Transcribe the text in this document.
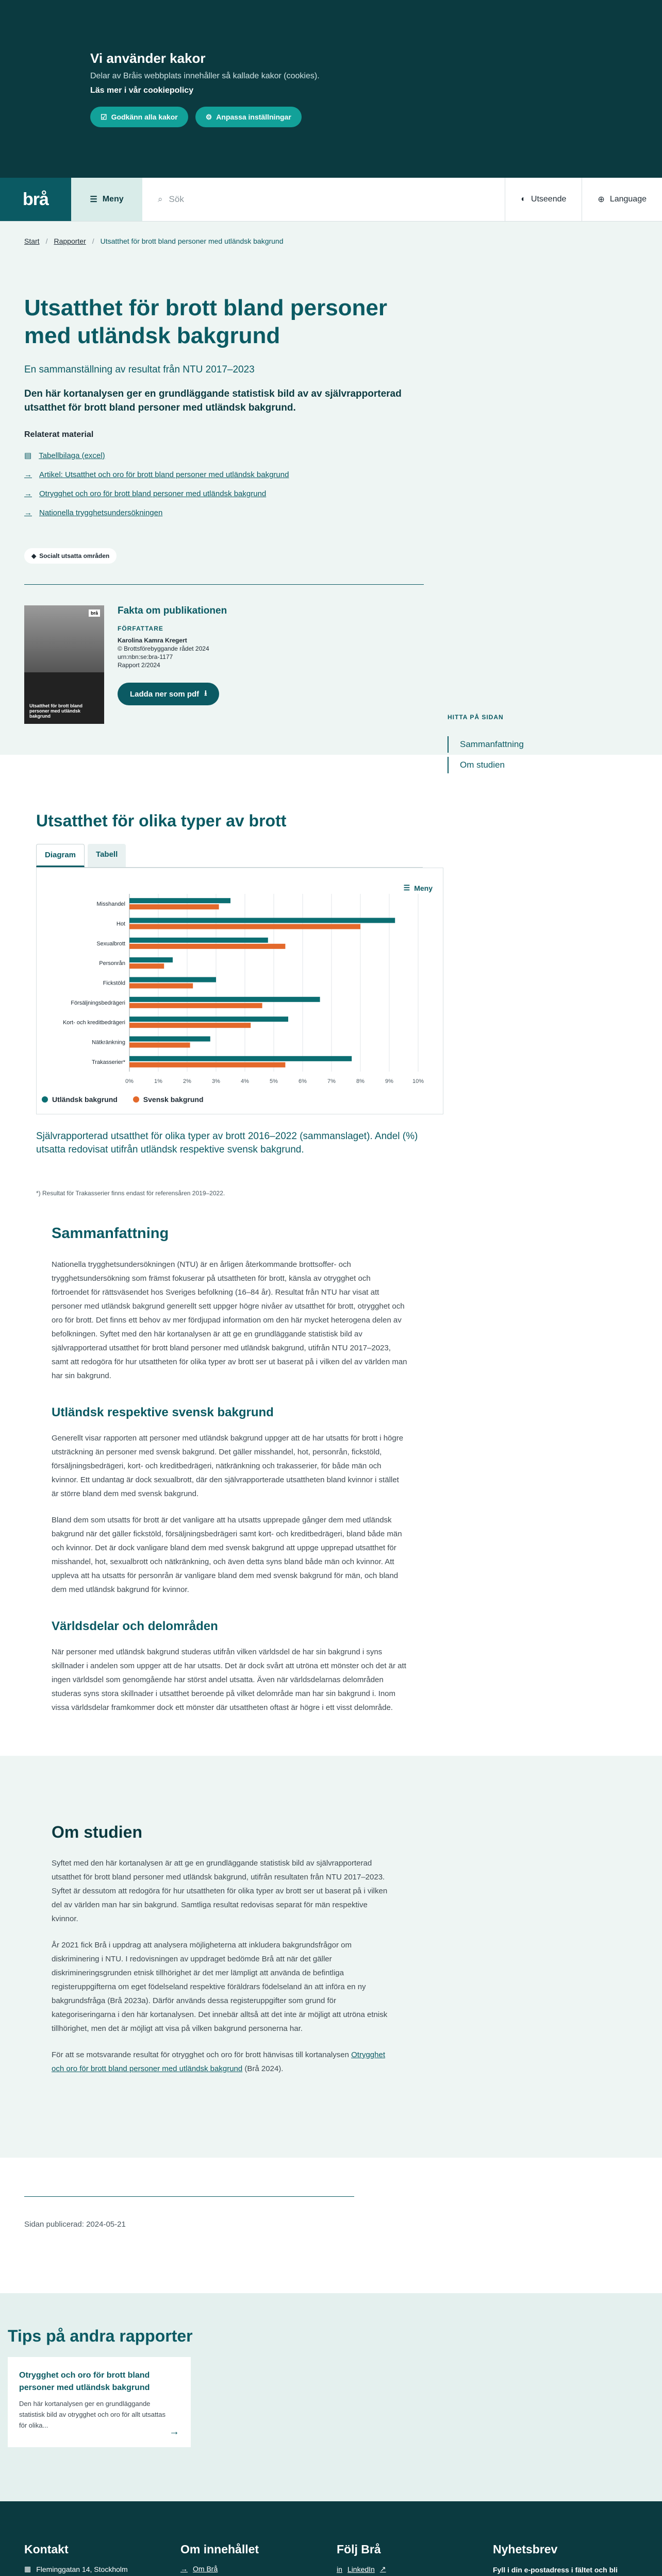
Vi använder kakor

Delar av Bråis webbplats innehåller så kallade kakor (cookies).

Läs mer i vår cookiepolicy
☑ Godkänn alla kakor	⚙ Anpassa inställningar
brå	☰ Meny	⌕ Sök	◐ Utseende	⊕ Language
Start / Rapporter / Utsatthet för brott bland personer med utländsk bakgrund
Utsatthet för brott bland personer med utländsk bakgrund

En sammanställning av resultat från NTU 2017–2023

Den här kortanalysen ger en grundläggande statistisk bild av av självrapporterad utsatthet för brott bland personer med utländsk bakgrund.

Relaterat material
▤ Tabellbilaga (excel)
→ Artikel: Utsatthet och oro för brott bland personer med utländsk bakgrund
→ Otrygghet och oro för brott bland personer med utländsk bakgrund
→ Nationella trygghetsundersökningen
◆ Socialt utsatta områden
brå
Utsatthet för brott bland personer med utländsk bakgrund
Fakta om publikationen
FÖRFATTARE

Karolina Kamra Kregert

© Brottsförebyggande rådet 2024

urn:nbn:se:bra-1177

Rapport 2/2024

Ladda ner som pdf ⭳
HITTA PÅ SIDAN
Sammanfattning
Om studien
Utsatthet för olika typer av brott
Diagram	Tabell
☰ Meny
0%	1%	2%	3%	4%	5%	6%	7%	8%	9%	10%
Misshandel
Hot
Sexualbrott
Personrån
Fickstöld
Försäljningsbedrägeri
Kort- och kreditbedrägeri
Nätkränkning
Trakasserier*
Utländsk bakgrund	Svensk bakgrund

Självrapporterad utsatthet för olika typer av brott 2016–2022 (sammanslaget). Andel (%) utsatta redovisat utifrån utländsk respektive svensk bakgrund.

*) Resultat för Trakasserier finns endast för referensåren 2019–2022.

Sammanfattning

Nationella trygghetsundersökningen (NTU) är en årligen återkommande brottsoffer- och trygghetsundersökning som främst fokuserar på utsattheten för brott, känsla av otrygghet och förtroendet för rättsväsendet hos Sveriges befolkning (16–84 år). Resultat från NTU har visat att personer med utländsk bakgrund generellt sett uppger högre nivåer av utsatthet för brott, otrygghet och oro för brott. Det finns ett behov av mer fördjupad information om den här mycket heterogena delen av befolkningen. Syftet med den här kortanalysen är att ge en grundläggande statistisk bild av självrapporterad utsatthet för brott bland personer med utländsk bakgrund, utifrån NTU 2017–2023, samt att redogöra för hur utsattheten för olika typer av brott ser ut baserat på i vilken del av världen man har sin bakgrund.

Utländsk respektive svensk bakgrund

Generellt visar rapporten att personer med utländsk bakgrund uppger att de har utsatts för brott i högre utsträckning än personer med svensk bakgrund. Det gäller misshandel, hot, personrån, fickstöld, försäljningsbedrägeri, kort- och kreditbedrägeri, nätkränkning och trakasserier, för både män och kvinnor. Ett undantag är dock sexualbrott, där den självrapporterade utsattheten bland kvinnor i stället är större bland dem med svensk bakgrund.

Bland dem som utsatts för brott är det vanligare att ha utsatts upprepade gånger dem med utländsk bakgrund när det gäller fickstöld, försäljningsbedrägeri samt kort- och kreditbedrägeri, bland både män och kvinnor. Det är dock vanligare bland dem med svensk bakgrund att uppge upprepad utsatthet för misshandel, hot, sexualbrott och nätkränkning, och även detta syns bland både män och kvinnor. Att uppleva att ha utsatts för personrån är vanligare bland dem med svensk bakgrund för män, och bland dem med utländsk bakgrund för kvinnor.

Världsdelar och delområden

När personer med utländsk bakgrund studeras utifrån vilken världsdel de har sin bakgrund i syns skillnader i andelen som uppger att de har utsatts. Det är dock svårt att utröna ett mönster och det är att ingen världsdel som genomgående har störst andel utsatta. Även när världsdelarnas delområden studeras syns stora skillnader i utsatthet beroende på vilket delområde man har sin bakgrund i. Inom vissa världsdelar framkommer dock ett mönster där utsattheten oftast är högre i ett visst delområde.

Om studien

Syftet med den här kortanalysen är att ge en grundläggande statistisk bild av självrapporterad utsatthet för brott bland personer med utländsk bakgrund, utifrån resultaten från NTU 2017–2023. Syftet är dessutom att redogöra för hur utsattheten för olika typer av brott ser ut baserat på i vilken del av världen man har sin bakgrund. Samtliga resultat redovisas separat för män respektive kvinnor.

År 2021 fick Brå i uppdrag att analysera möjligheterna att inkludera bakgrundsfrågor om diskriminering i NTU. I redovisningen av uppdraget bedömde Brå att när det gäller diskrimineringsgrunden etnisk tillhörighet är det mer lämpligt att använda de befintliga registeruppgifterna om eget födelseland respektive föräldrars födelseland än att införa en ny bakgrundsfråga (Brå 2023a). Därför används dessa registeruppgifter som grund för kategoriseringarna i den här kortanalysen. Det innebär alltså att det inte är möjligt att utröna etnisk tillhörighet, men det är möjligt att visa på vilken bakgrund personerna har.

För att se motsvarande resultat för otrygghet och oro för brott hänvisas till kortanalysen Otrygghet och oro för brott bland personer med utländsk bakgrund (Brå 2024).

Sidan publicerad: 2024-05-21
Tips på andra rapporter
Otrygghet och oro för brott bland personer med utländsk bakgrund

Den här kortanalysen ger en grundläggande statistisk bild av otrygghet och oro för allt utsattas för olika...

→
Kontakt
▦ Fleminggatan 14, Stockholm
Om innehållet
→ Om Brå
Följ Brå
in LinkedIn ↗
Nyhetsbrev

Fyll i din e-postadress i fältet och bli
